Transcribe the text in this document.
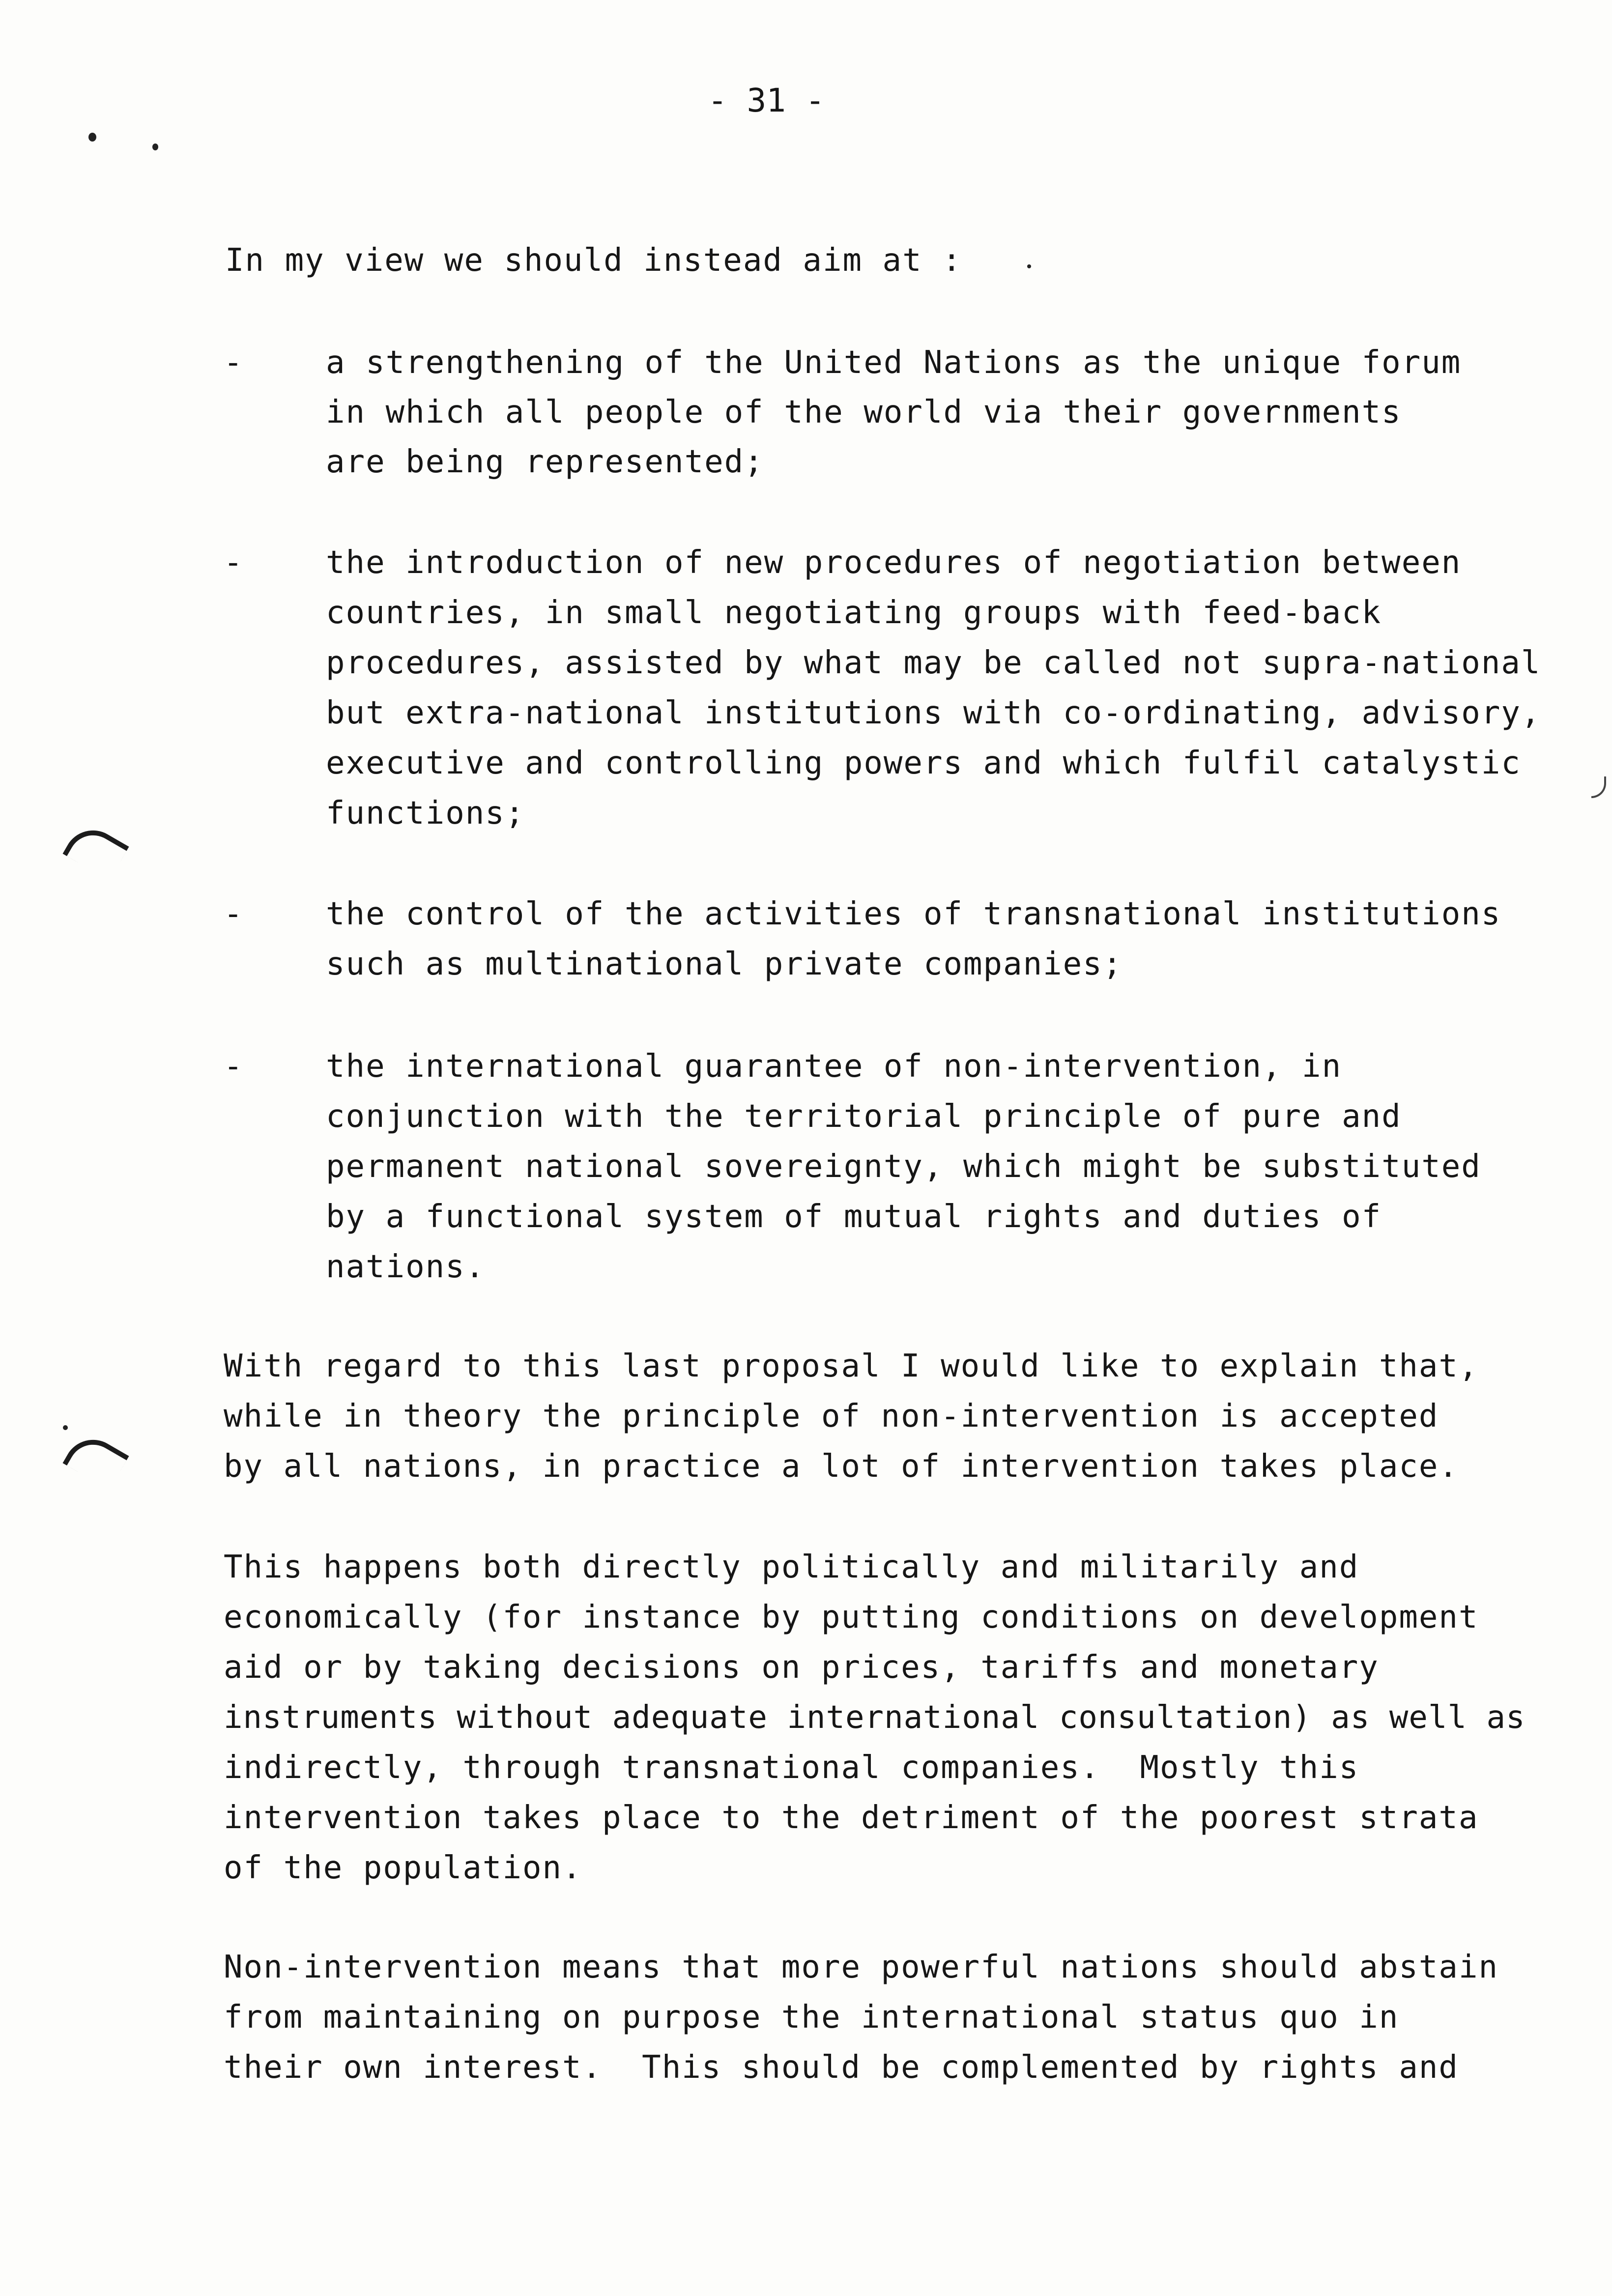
- 31 -
In my view we should instead aim at :
-	a strengthening of the United Nations as the unique forum
in which all people of the world via their governments
are being represented;
-	the introduction of new procedures of negotiation between
countries, in small negotiating groups with feed-back
procedures, assisted by what may be called not supra-national
but extra-national institutions with co-ordinating, advisory,
executive and controlling powers and which fulfil catalystic
functions;
-	the control of the activities of transnational institutions
such as multinational private companies;
-	the international guarantee of non-intervention, in
conjunction with the territorial principle of pure and
permanent national sovereignty, which might be substituted
by a functional system of mutual rights and duties of
nations.
With regard to this last proposal I would like to explain that,
while in theory the principle of non-intervention is accepted
by all nations, in practice a lot of intervention takes place.
This happens both directly politically and militarily and
economically (for instance by putting conditions on development
aid or by taking decisions on prices, tariffs and monetary
instruments without adequate international consultation) as well as
indirectly, through transnational companies.  Mostly this
intervention takes place to the detriment of the poorest strata
of the population.
Non-intervention means that more powerful nations should abstain
from maintaining on purpose the international status quo in
their own interest.  This should be complemented by rights and
